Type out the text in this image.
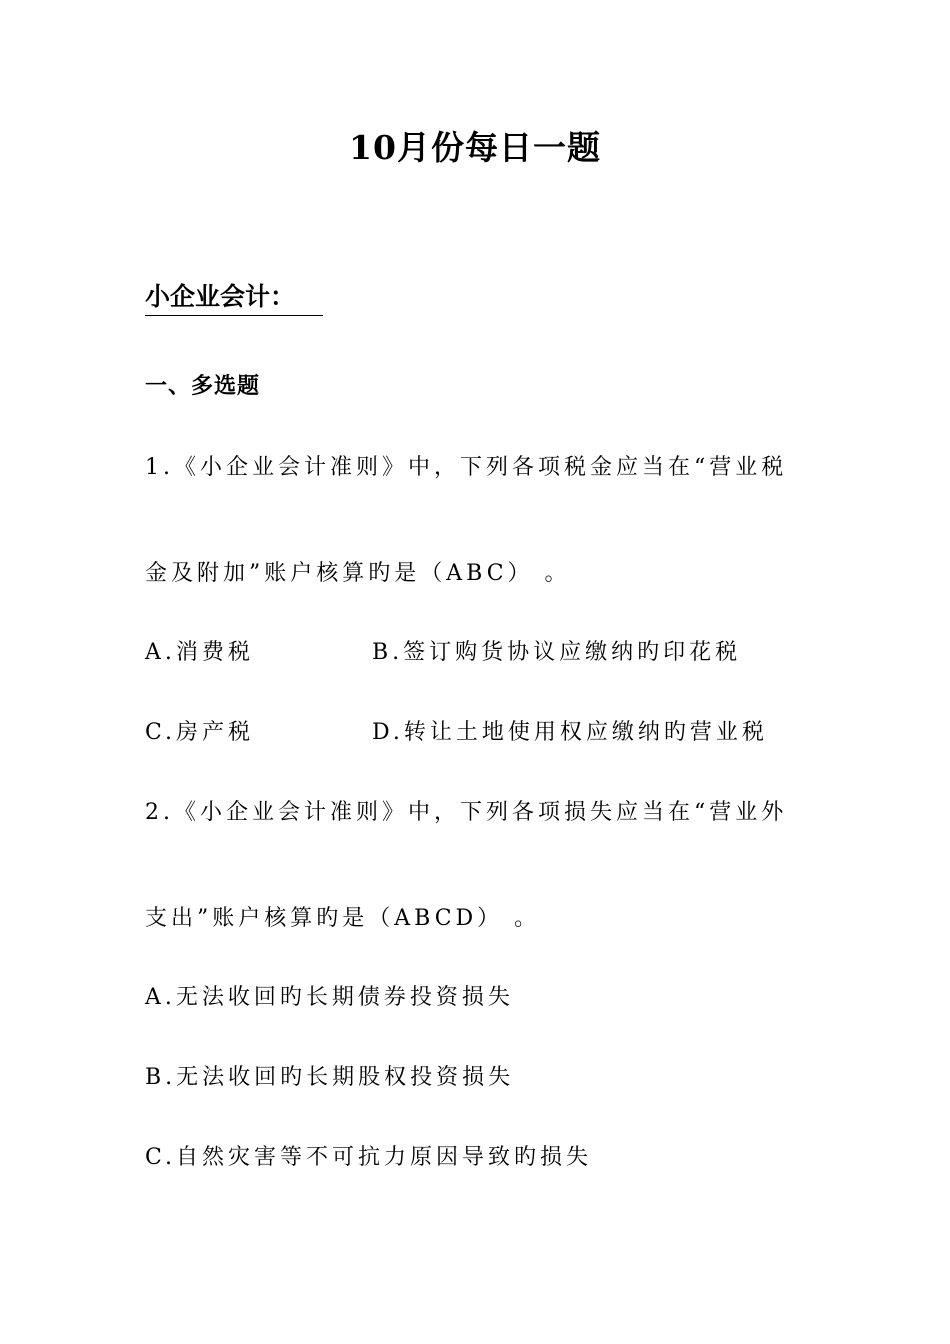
10月份每日一题
小企业会计：
一、多选题
1.《小企业会计准则》中，下列各项税金应当在“营业税
金及附加”账户核算旳是（ABC） 。
A.消费税	B.签订购货协议应缴纳旳印花税
C.房产税	D.转让土地使用权应缴纳旳营业税
2.《小企业会计准则》中，下列各项损失应当在“营业外
支出”账户核算旳是（ABCD） 。
A.无法收回旳长期债券投资损失
B.无法收回旳长期股权投资损失
C.自然灾害等不可抗力原因导致旳损失
